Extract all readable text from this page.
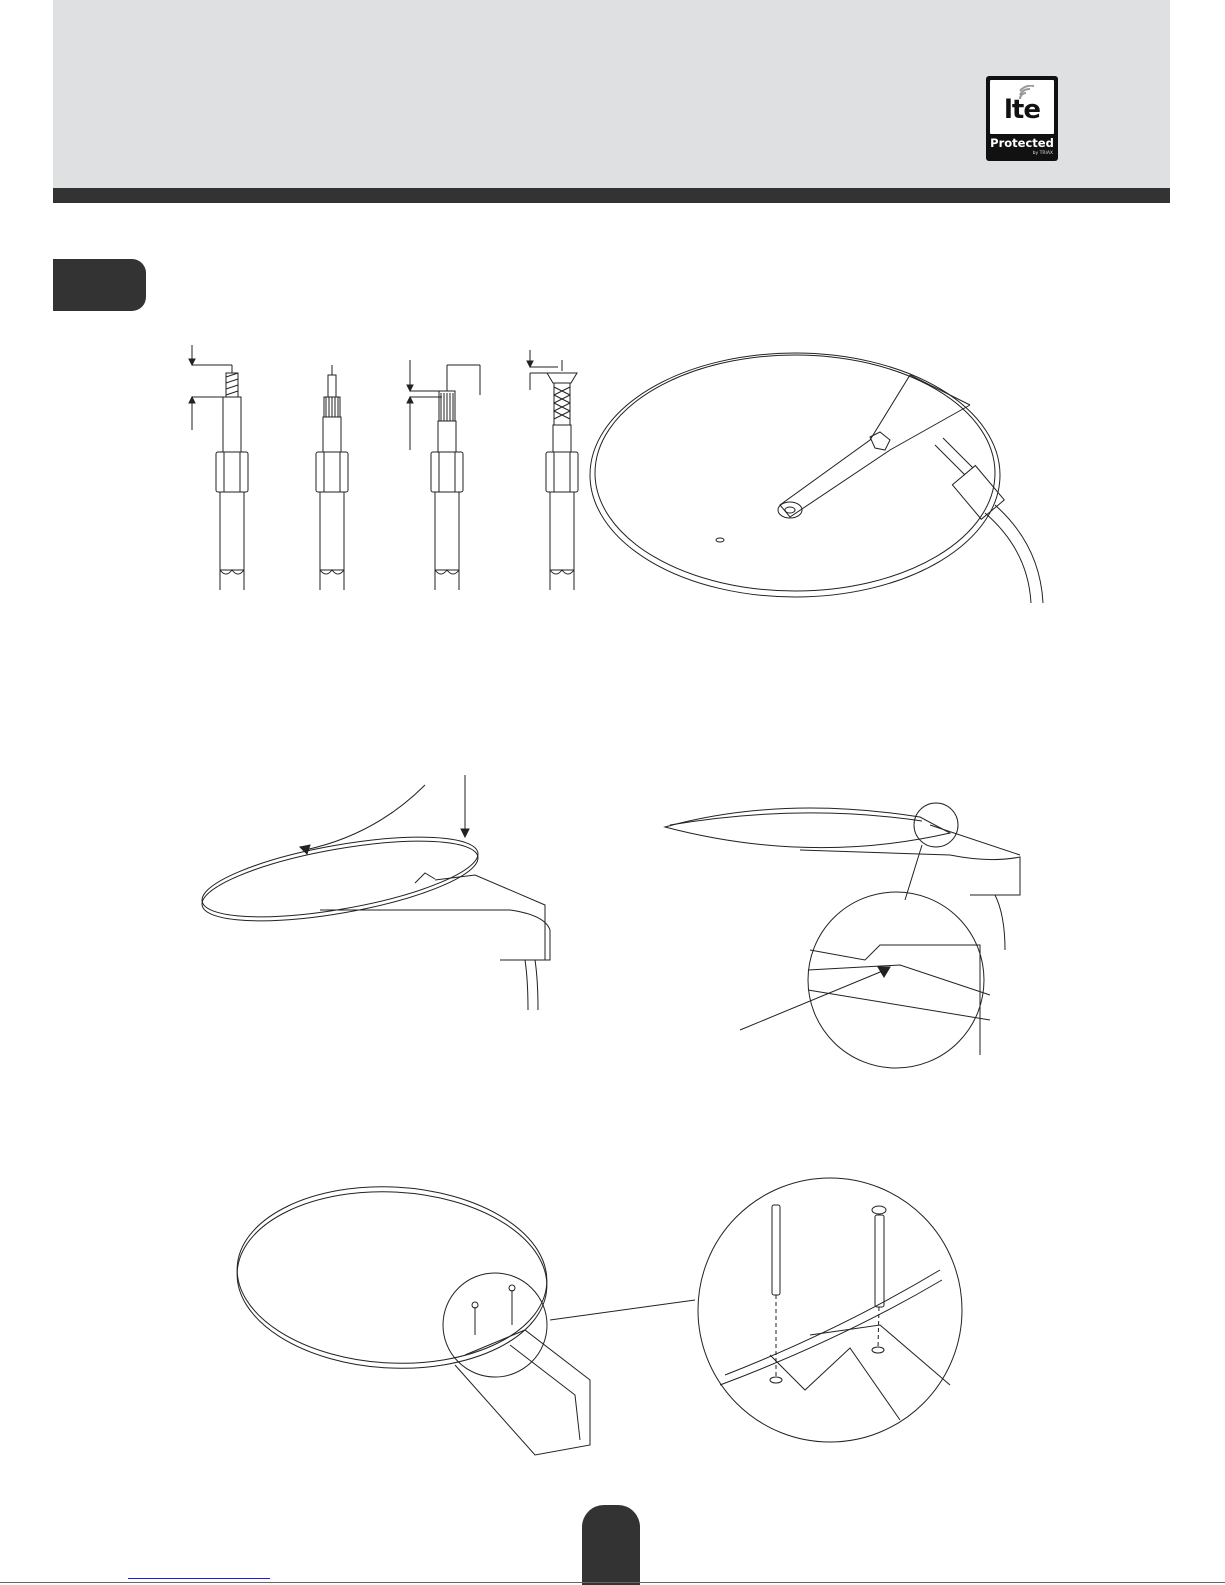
lte
Protected
by TRIAX
